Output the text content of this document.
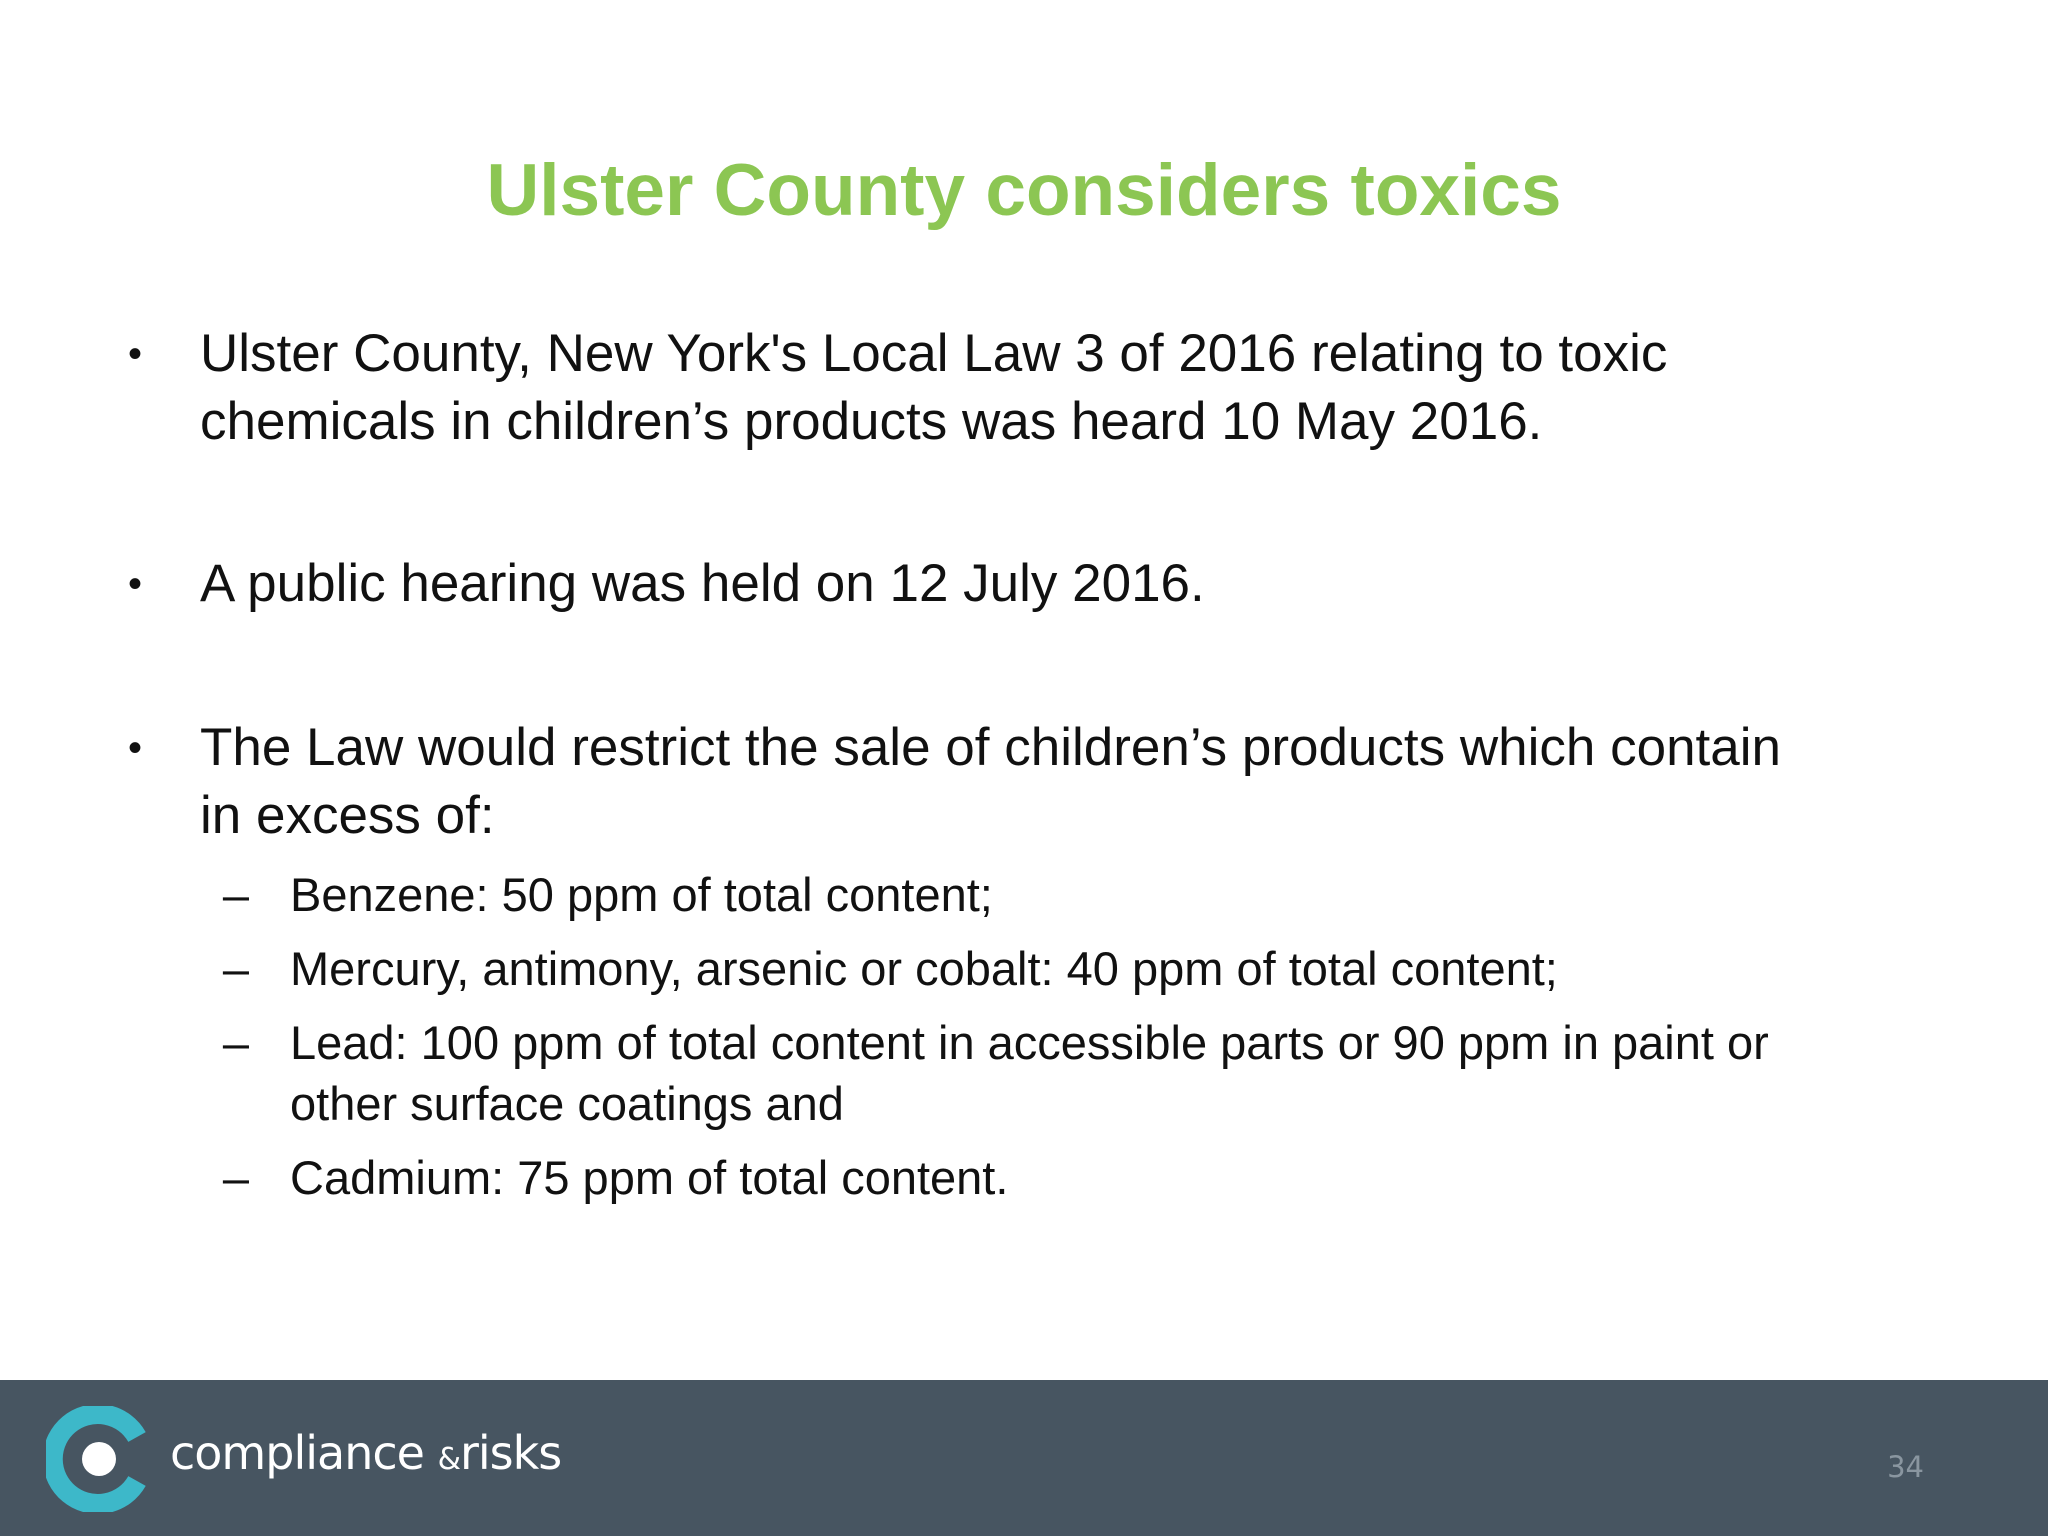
Ulster County considers toxics
• Ulster County, New York's Local Law 3 of 2016 relating to toxic
chemicals in children’s products was heard 10 May 2016.
• A public hearing was held on 12 July 2016.
• The Law would restrict the sale of children’s products which contain
in excess of:
– Benzene: 50 ppm of total content;
– Mercury, antimony, arsenic or cobalt: 40 ppm of total content;
– Lead: 100 ppm of total content in accessible parts or 90 ppm in paint or
other surface coatings and
– Cadmium: 75 ppm of total content.
compliance &risks	34
